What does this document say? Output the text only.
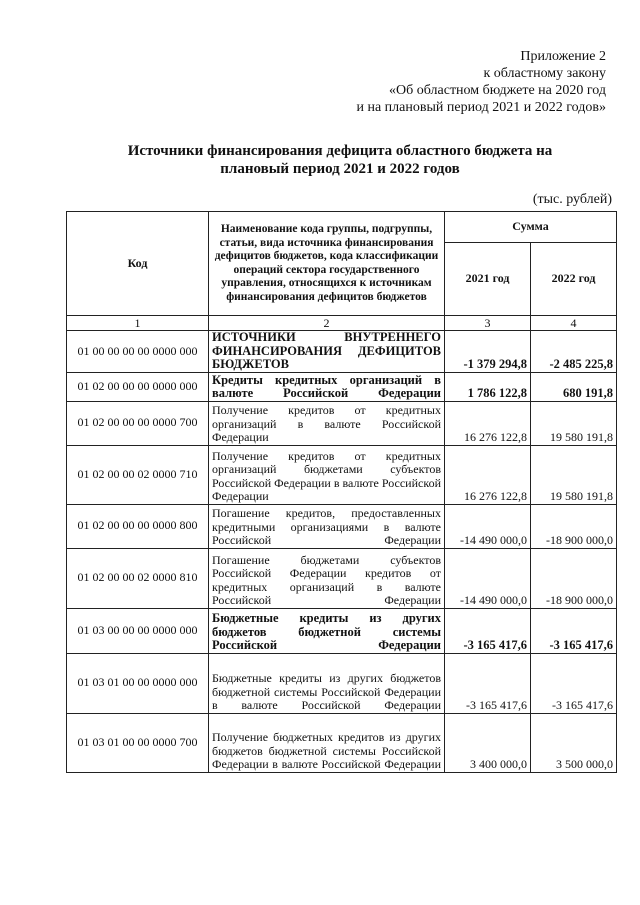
Приложение 2
к областному закону
«Об областном бюджете на 2020 год
и на плановый период 2021 и 2022 годов»
Источники финансирования дефицита областного бюджета на
плановый период 2021 и 2022 годов
(тыс. рублей)
Код	Наименование кода группы, подгруппы, статьи, вида источника финансирования дефицитов бюджетов, кода классификации операций сектора государственного управления, относящихся к источникам финансирования дефицитов бюджетов	Сумма	
		2021 год	2022 год
1	2	3	4
01 00 00 00 00 0000 000	ИСТОЧНИКИ ВНУТРЕННЕГО ФИНАНСИРОВАНИЯ ДЕФИЦИТОВ БЮДЖЕТОВ	-1 379 294,8	-2 485 225,8
01 02 00 00 00 0000 000	Кредиты кредитных организаций в валюте Российской Федерации	1 786 122,8	680 191,8
01 02 00 00 00 0000 700	Получение кредитов от кредитных организаций в валюте Российской Федерации	16 276 122,8	19 580 191,8
01 02 00 00 02 0000 710	Получение кредитов от кредитных организаций бюджетами субъектов Российской Федерации в валюте Российской Федерации	16 276 122,8	19 580 191,8
01 02 00 00 00 0000 800	Погашение кредитов, предоставленных кредитными организациями в валюте Российской Федерации	-14 490 000,0	-18 900 000,0
01 02 00 00 02 0000 810	Погашение бюджетами субъектов Российской Федерации кредитов от кредитных организаций в валюте Российской Федерации	-14 490 000,0	-18 900 000,0
01 03 00 00 00 0000 000	Бюджетные кредиты из других бюджетов бюджетной системы Российской Федерации	-3 165 417,6	-3 165 417,6
01 03 01 00 00 0000 000	Бюджетные кредиты из других бюджетов бюджетной системы Российской Федерации в валюте Российской Федерации	-3 165 417,6	-3 165 417,6
01 03 01 00 00 0000 700	Получение бюджетных кредитов из других бюджетов бюджетной системы Российской Федерации в валюте Российской Федерации	3 400 000,0	3 500 000,0
